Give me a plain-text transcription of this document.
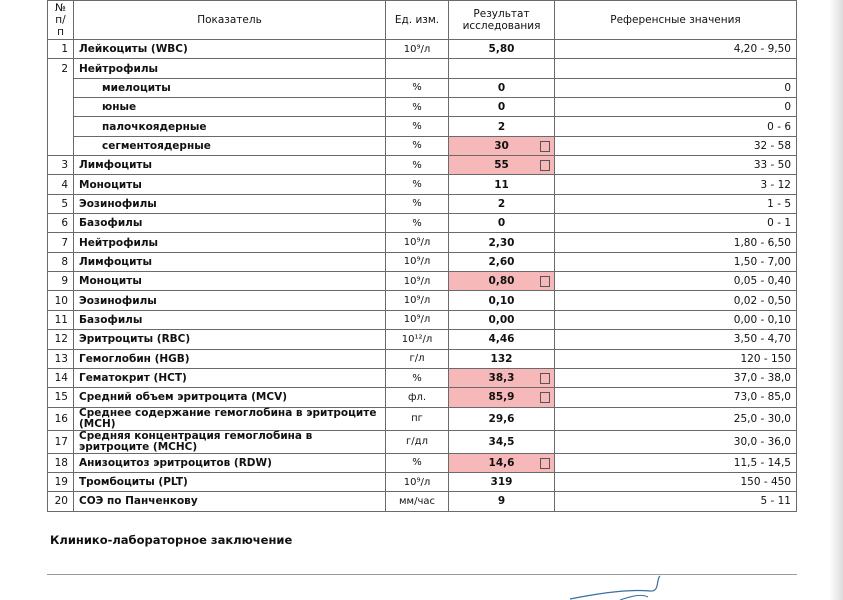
№ п/п	Показатель	Ед. изм.	Результат исследования	Референсные значения
1	Лейкоциты (WBC)	10⁹/л	5,80	4,20 - 9,50
2	Нейтрофилы			
	миелоциты	%	0	0
	юные	%	0	0
	палочкоядерные	%	2	0 - 6
	сегментоядерные	%	30	32 - 58
3	Лимфоциты	%	55	33 - 50
4	Моноциты	%	11	3 - 12
5	Эозинофилы	%	2	1 - 5
6	Базофилы	%	0	0 - 1
7	Нейтрофилы	10⁹/л	2,30	1,80 - 6,50
8	Лимфоциты	10⁹/л	2,60	1,50 - 7,00
9	Моноциты	10⁹/л	0,80	0,05 - 0,40
10	Эозинофилы	10⁹/л	0,10	0,02 - 0,50
11	Базофилы	10⁹/л	0,00	0,00 - 0,10
12	Эритроциты (RBC)	10¹²/л	4,46	3,50 - 4,70
13	Гемоглобин (HGB)	г/л	132	120 - 150
14	Гематокрит (HCT)	%	38,3	37,0 - 38,0
15	Средний объем эритроцита (MCV)	фл.	85,9	73,0 - 85,0
16	Среднее содержание гемоглобина в эритроците (MCH)	пг	29,6	25,0 - 30,0
17	Средняя концентрация гемоглобина в эритроците (MCHC)	г/дл	34,5	30,0 - 36,0
18	Анизоцитоз эритроцитов (RDW)	%	14,6	11,5 - 14,5
19	Тромбоциты (PLT)	10⁹/л	319	150 - 450
20	СОЭ по Панченкову	мм/час	9	5 - 11
Клинико-лабораторное заключение
